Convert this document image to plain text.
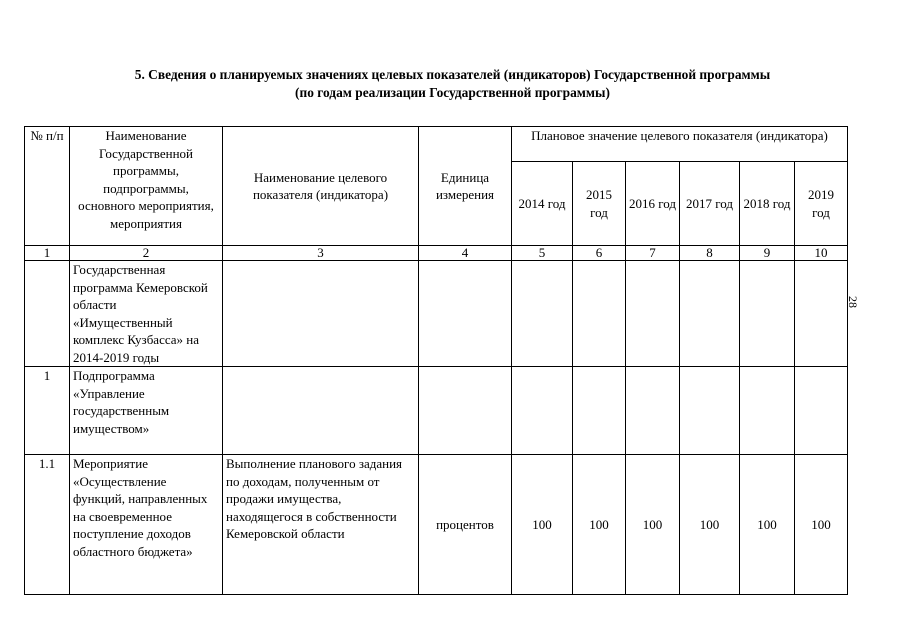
5. Сведения о планируемых значениях целевых показателей (индикаторов) Государственной программы
(по годам реализации Государственной программы)
28
№ п/п	Наименование Государственной программы, подпрограммы, основного мероприятия, мероприятия	Наименование целевого показателя (индикатора)	Единица измерения	Плановое значение целевого показателя (индикатора)					
				2014 год	2015 год	2016 год	2017 год	2018 год	2019 год
1	2	3	4	5	6	7	8	9	10
	Государственная программа Кемеровской области «Имущественный комплекс Кузбасса» на 2014-2019 годы								
1	Подпрограмма «Управление государственным имуществом»								
1.1	Мероприятие «Осуществление функций, направленных на своевременное поступление доходов областного бюджета»	Выполнение планового задания по доходам, полученным от продажи имущества, находящегося в собственности Кемеровской области	процентов	100	100	100	100	100	100
